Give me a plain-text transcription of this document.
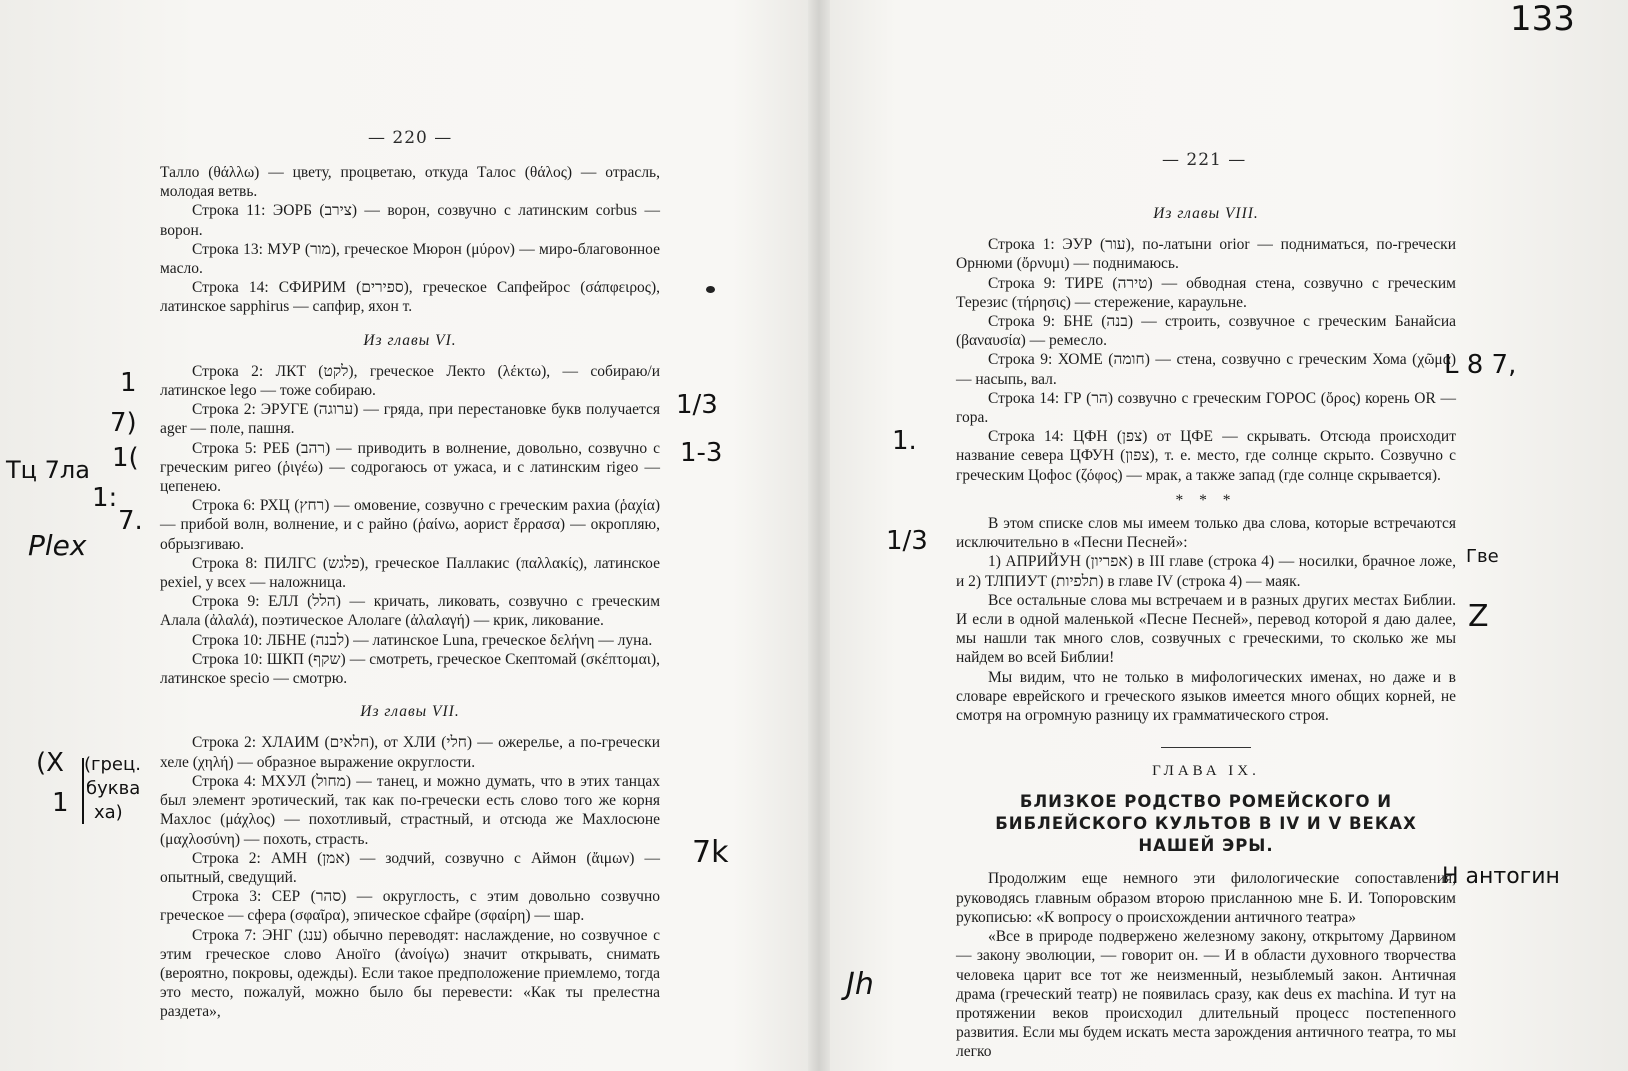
— 220 —

Талло (θάλλω) — цвету, процветаю, откуда Талос (θάλος) — отрасль, молодая ветвь.

Строка 11: ЭОРБ (צירב) — ворон, созвучно с латинским corbus — ворон.

Строка 13: МУР (מור), греческое Мюрон (μύρον) — миро-благовонное масло.

Строка 14: СФИРИМ (ספירים), греческое Сапфейрос (σάπφειρος), латинское sapphirus — сапфир, яхон т.

Из главы VI.

Строка 2: ЛКТ (לקט), греческое Лекто (λέκτω), — собираю/и латинское lego — тоже собираю.

Строка 2: ЭРУГЕ (ערוגה) — гряда, при перестановке букв получается ager — поле, пашня.

Строка 5: РЕБ (רהב) — приводить в волнение, довольно, созвучно с греческим ригео (ῥιγέω) — содрогаюсь от ужаса, и с латинским rigeo — цепенею.

Строка 6: РХЦ (רחץ) — омовение, созвучно с греческим рахиа (ῥαχία) — прибой волн, волнение, и с райно (ῥαίνω, аорист ἔρρασα) — окропляю, обрызгиваю.

Строка 8: ПИЛГС (פלגש), греческое Паллакис (παλλακίς), латинское pexiel, у всех — наложница.

Строка 9: ЕЛЛ (הלל) — кричать, ликовать, созвучно с греческим Алала (ἀλαλά), поэтическое Алолаге (ἀλαλαγή) — крик, ликование.

Строка 10: ЛБНЕ (לבנה) — латинское Luna, греческое δελήνη — луна.

Строка 10: ШКП (שקף) — смотреть, греческое Скептомай (σκέπτομαι), латинское specio — смотрю.

Из главы VII.

Строка 2: ХЛАИМ (חלאים), от ХЛИ (חלי) — ожерелье, а по-гречески хеле (χηλή) — образное выражение округлости.

Строка 4: МХУЛ (מחול) — танец, и можно думать, что в этих танцах был элемент эротический, так как по-гречески есть слово того же корня Махлос (μάχλος) — похотливый, страстный, и отсюда же Махлосюне (μαχλοσύνη) — похоть, страсть.

Строка 2: АМН (אמן) — зодчий, созвучно с Аймон (ἄιμων) — опытный, сведущий.

Строка 3: СЕР (סהר) — округлость, с этим довольно созвучно греческое — сфера (σφαῖρα), эпическое сфайре (σφαίρη) — шар.

Строка 7: ЭНГ (ענג) обычно переводят: наслаждение, но созвучное с этим греческое слово Аноїго (ἀνοίγω) значит открывать, снимать (вероятно, покровы, одежды). Если такое предположение приемлемо, тогда это место, пожалуй, можно было бы перевести: «Как ты прелестна раздета»,

Тц 7ла 1(
1
7)
1:
7.
Plex
(Х (грец.
буква
ха)
1
1/3
1-3
7k
Jh
— 221 —

Из главы VIII.

Строка 1: ЭУР (עור), по-латыни orior — подниматься, по-гречески Орнюми (ὄρνυμι) — поднимаюсь.

Строка 9: ТИРЕ (טירה) — обводная стена, созвучно с греческим Терезис (τήρησις) — стережение, караульне.

Строка 9: БНЕ (בנה) — строить, созвучное с греческим Банайсиа (βαναυσία) — ремесло.

Строка 9: ХОМЕ (חומה) — стена, созвучно с греческим Хома (χῶμα) — насыпь, вал.

Строка 14: ГР (הר) созвучно с греческим ГОРОС (ὄρος) корень OR — гора.

Строка 14: ЦФН (צפן) от ЦФЕ — скрывать. Отсюда происходит название севера ЦФУН (צפון), т. е. место, где солнце скрыто. Созвучно с греческим Цофос (ζόφος) — мрак, а также запад (где солнце скрывается).

* * *

В этом списке слов мы имеем только два слова, которые встречаются исключительно в «Песни Песней»:

1) АПРИЙУН (אפריון) в III главе (строка 4) — носилки, брачное ложе, и 2) ТЛПИУТ (תלפיות) в главе IV (строка 4) — маяк.

Все остальные слова мы встречаем и в разных других местах Библии. И если в одной маленькой «Песне Песней», перевод которой я даю далее, мы нашли так много слов, созвучных с греческими, то сколько же мы найдем во всей Библии!

Мы видим, что не только в мифологических именах, но даже и в словаре еврейского и греческого языков имеется много общих корней, не смотря на огромную разницу их грамматического строя.

ГЛАВА IX.

БЛИЗКОЕ РОДСТВО РОМЕЙСКОГО И БИБЛЕЙСКОГО КУЛЬТОВ В IV И V ВЕКАХ НАШЕЙ ЭРЫ.

Продолжим еще немного эти филологические сопоставления, руководясь главным образом второю присланною мне Б. И. Топоровским рукописью: «К вопросу о происхождении античного театра»

«Все в природе подвержено железному закону, открытому Дарвином — закону эволюции, — говорит он. — И в области духовного творчества человека царит все тот же неизменный, незыблемый закон. Античная драма (греческий театр) не появилась сразу, как deus ex machina. И тут на протяжении веков происходил длительный процесс постепенного развития. Если мы будем искать места зарождения античного театра, то мы легко

133
1.
1/3
L 8 7,
Гве
Z
Н антогин
